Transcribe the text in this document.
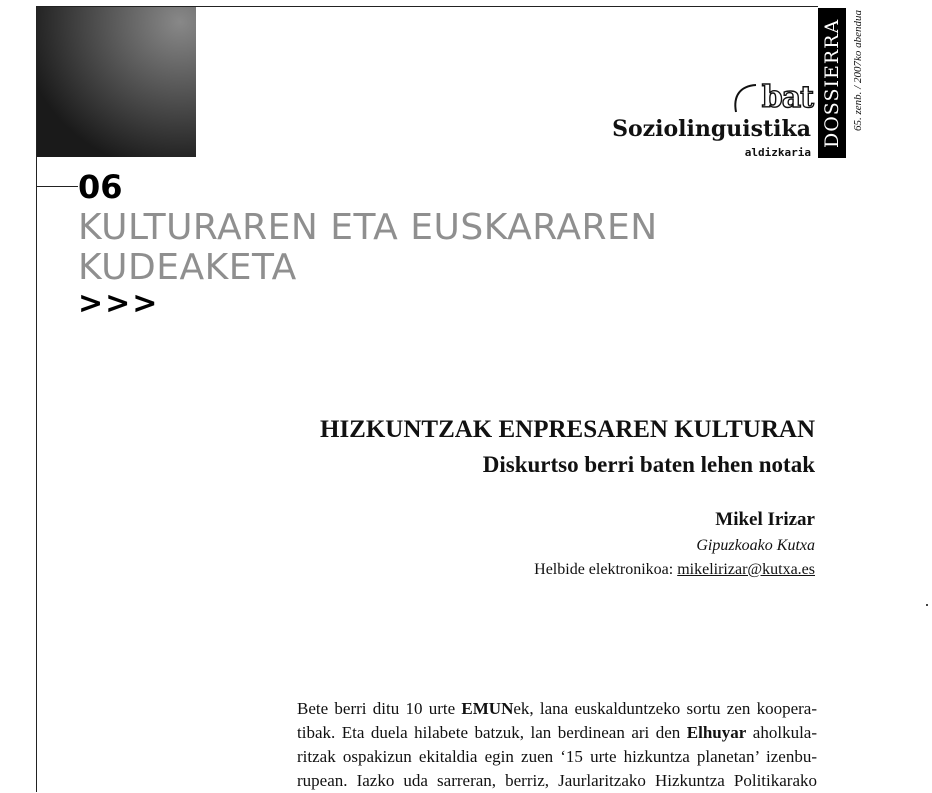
bat
Soziolinguistika
aldizkaria
DOSSIERRA 65. zenb. / 2007ko abendua
06
KULTURAREN ETA EUSKARAREN
KUDEAKETA
>>>
HIZKUNTZAK ENPRESAREN KULTURAN
Diskurtso berri baten lehen notak
Mikel Irizar
Gipuzkoako Kutxa
Helbide elektronikoa: mikelirizar@kutxa.es
Bete berri ditu 10 urte EMUNek, lana euskalduntzeko sortu zen koopera-
tibak. Eta duela hilabete batzuk, lan berdinean ari den Elhuyar aholkula-
ritzak ospakizun ekitaldia egin zuen ‘15 urte hizkuntza planetan’ izenbu-
rupean. Iazko uda sarreran, berriz, Jaurlaritzako Hizkuntza Politikarako
